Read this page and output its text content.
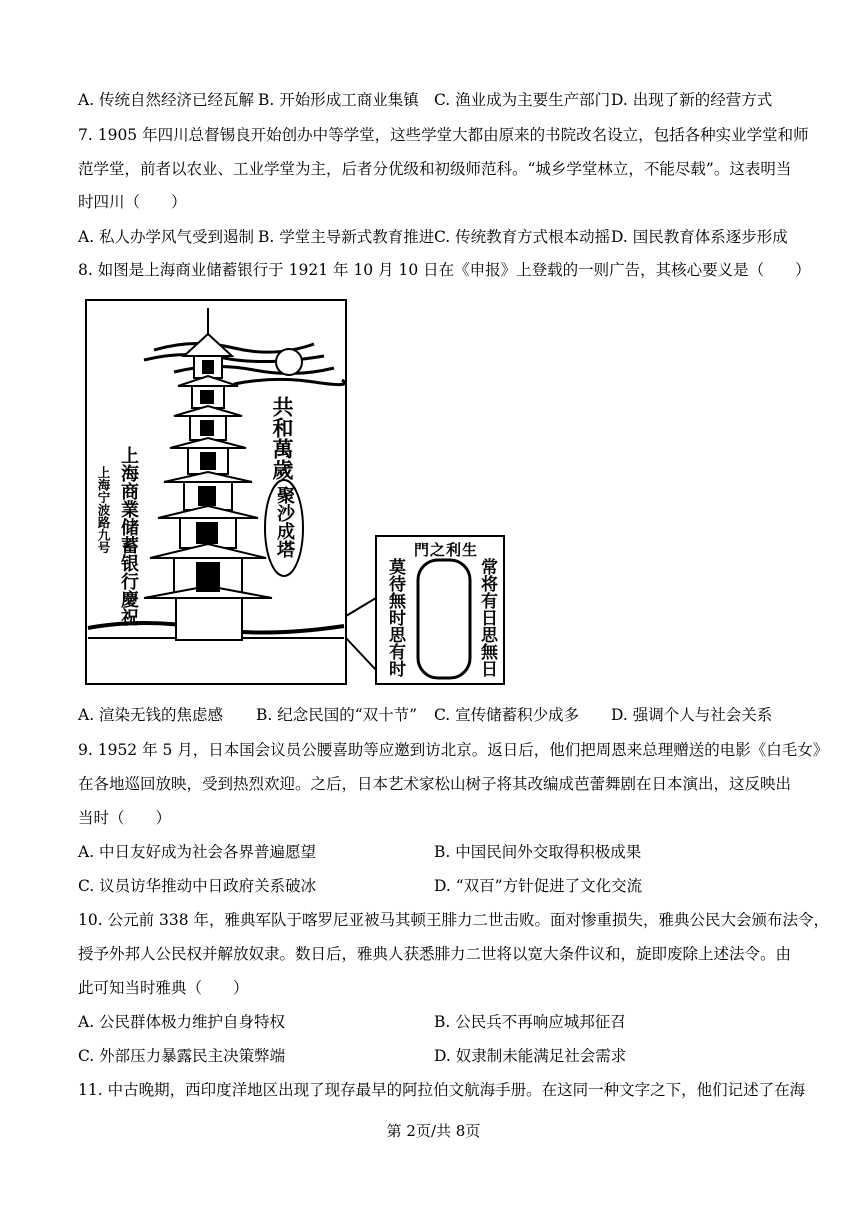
A. 传统自然经济已经瓦解 B. 开始形成工商业集镇 C. 渔业成为主要生产部门 D. 出现了新的经营方式
7. 1905 年四川总督锡良开始创办中等学堂，这些学堂大都由原来的书院改名设立，包括各种实业学堂和师
范学堂，前者以农业、工业学堂为主，后者分优级和初级师范科。“城乡学堂林立，不能尽载”。这表明当
时四川（　　）
A. 私人办学风气受到遏制 B. 学堂主导新式教育推进 C. 传统教育方式根本动摇 D. 国民教育体系逐步形成
8. 如图是上海商业储蓄银行于 1921 年 10 月 10 日在《申报》上登载的一则广告，其核心要义是（　　）
共和萬歲
聚沙成塔
上海商業储蓄银行慶祝
上海宁波路九号	門之利生
常将有日思無日
莫待無时思有时
A. 渲染无钱的焦虑感 B. 纪念民国的“双十节” C. 宣传储蓄积少成多 D. 强调个人与社会关系
9. 1952 年 5 月，日本国会议员公腰喜助等应邀到访北京。返日后，他们把周恩来总理赠送的电影《白毛女》
在各地巡回放映，受到热烈欢迎。之后，日本艺术家松山树子将其改编成芭蕾舞剧在日本演出，这反映出
当时（　　）
A. 中日友好成为社会各界普遍愿望	B. 中国民间外交取得积极成果
C. 议员访华推动中日政府关系破冰	D. “双百”方针促进了文化交流
10. 公元前 338 年，雅典军队于喀罗尼亚被马其顿王腓力二世击败。面对惨重损失，雅典公民大会颁布法令，
授予外邦人公民权并解放奴隶。数日后，雅典人获悉腓力二世将以宽大条件议和，旋即废除上述法令。由
此可知当时雅典（　　）
A. 公民群体极力维护自身特权	B. 公民兵不再响应城邦征召
C. 外部压力暴露民主决策弊端	D. 奴隶制未能满足社会需求
11. 中古晚期，西印度洋地区出现了现存最早的阿拉伯文航海手册。在这同一种文字之下，他们记述了在海
第 2页/共 8页
